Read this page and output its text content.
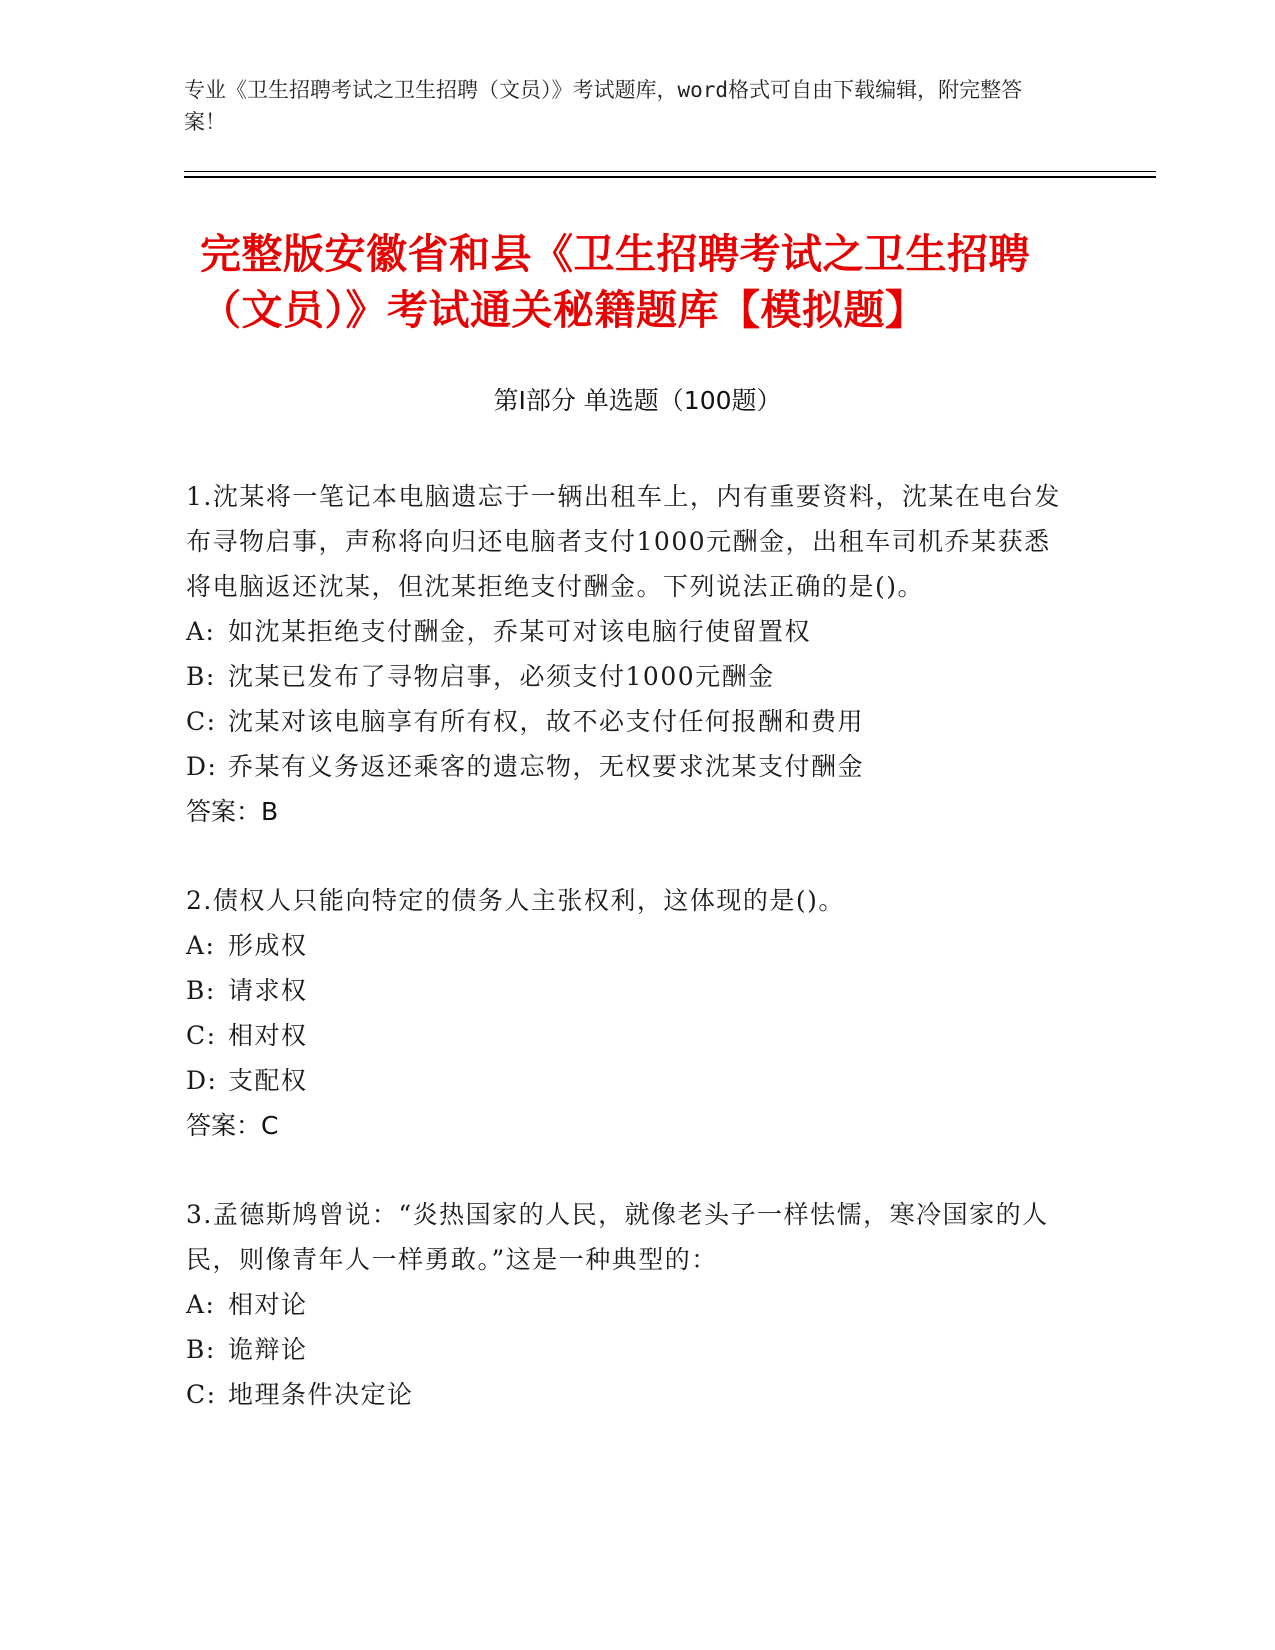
专业《卫生招聘考试之卫生招聘（文员）》考试题库，word格式可自由下载编辑，附完整答案！
完整版安徽省和县《卫生招聘考试之卫生招聘（文员）》考试通关秘籍题库【模拟题】
第Ⅰ部分 单选题（100题）
1.沈某将一笔记本电脑遗忘于一辆出租车上，内有重要资料，沈某在电台发布寻物启事，声称将向归还电脑者支付1000元酬金，出租车司机乔某获悉将电脑返还沈某，但沈某拒绝支付酬金。下列说法正确的是()。
A: 如沈某拒绝支付酬金，乔某可对该电脑行使留置权
B: 沈某已发布了寻物启事，必须支付1000元酬金
C: 沈某对该电脑享有所有权，故不必支付任何报酬和费用
D: 乔某有义务返还乘客的遗忘物，无权要求沈某支付酬金
答案：B
2.债权人只能向特定的债务人主张权利，这体现的是()。
A: 形成权
B: 请求权
C: 相对权
D: 支配权
答案：C
3.孟德斯鸠曾说：“炎热国家的人民，就像老头子一样怯懦，寒冷国家的人民，则像青年人一样勇敢。”这是一种典型的：
A: 相对论
B: 诡辩论
C: 地理条件决定论
